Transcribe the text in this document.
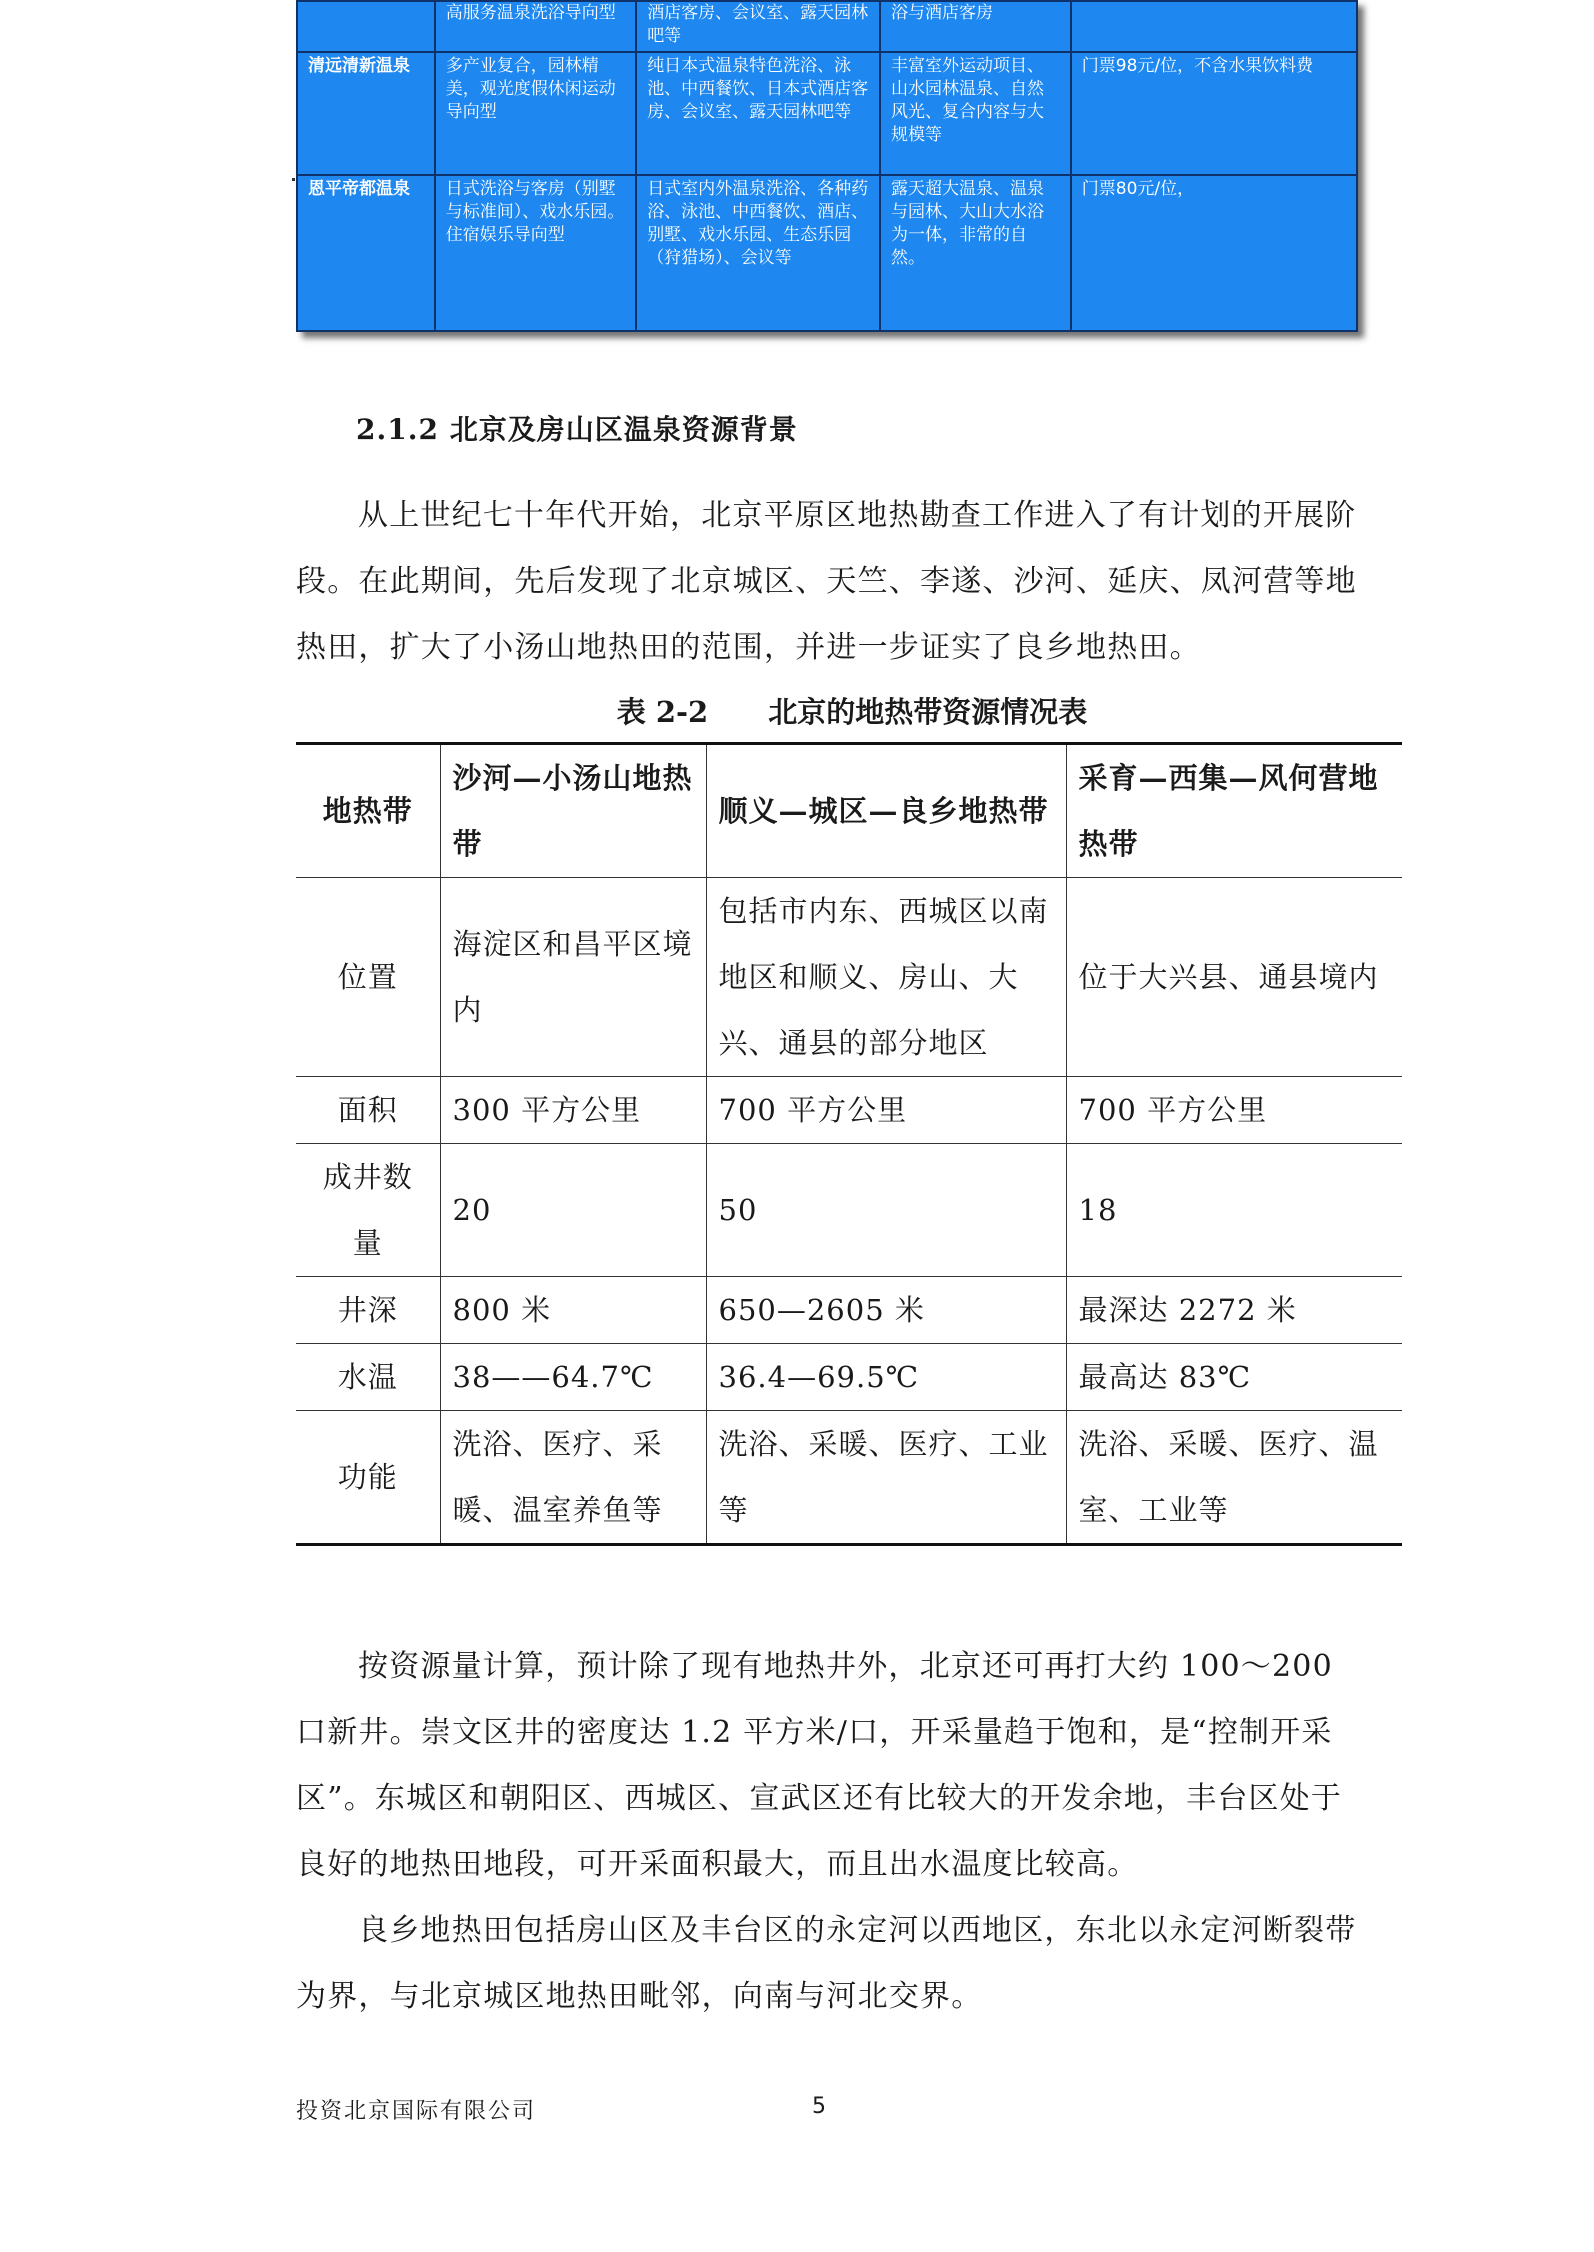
	高服务温泉洗浴导向型	酒店客房、会议室、露天园林吧等	浴与酒店客房	
清远清新温泉	多产业复合，园林精美，观光度假休闲运动导向型	纯日本式温泉特色洗浴、泳池、中西餐饮、日本式酒店客房、会议室、露天园林吧等	丰富室外运动项目、山水园林温泉、自然风光、复合内容与大规模等	门票98元/位，不含水果饮料费
恩平帝都温泉	日式洗浴与客房（别墅与标准间）、戏水乐园。住宿娱乐导向型	日式室内外温泉洗浴、各种药浴、泳池、中西餐饮、酒店、别墅、戏水乐园、生态乐园（狩猎场）、会议等	露天超大温泉、温泉与园林、大山大水浴为一体，非常的自然。	门票80元/位，
2.1.2 北京及房山区温泉资源背景

从上世纪七十年代开始，北京平原区地热勘查工作进入了有计划的开展阶段。在此期间，先后发现了北京城区、天竺、李遂、沙河、延庆、凤河营等地热田，扩大了小汤山地热田的范围，并进一步证实了良乡地热田。

表 2-2 北京的地热带资源情况表
地热带	沙河—小汤山地热带	顺义—城区—良乡地热带	采育—西集—风何营地热带
位置	海淀区和昌平区境内	包括市内东、西城区以南地区和顺义、房山、大兴、通县的部分地区	位于大兴县、通县境内
面积	300 平方公里	700 平方公里	700 平方公里
成井数量	20	50	18
井深	800 米	650—2605 米	最深达 2272 米
水温	38——64.7℃	36.4—69.5℃	最高达 83℃
功能	洗浴、医疗、采暖、温室养鱼等	洗浴、采暖、医疗、工业等	洗浴、采暖、医疗、温室、工业等

按资源量计算，预计除了现有地热井外，北京还可再打大约 100～200 口新井。崇文区井的密度达 1.2 平方米/口，开采量趋于饱和，是“控制开采区”。东城区和朝阳区、西城区、宣武区还有比较大的开发余地，丰台区处于良好的地热田地段，可开采面积最大，而且出水温度比较高。

良乡地热田包括房山区及丰台区的永定河以西地区，东北以永定河断裂带为界，与北京城区地热田毗邻，向南与河北交界。

投资北京国际有限公司	5
